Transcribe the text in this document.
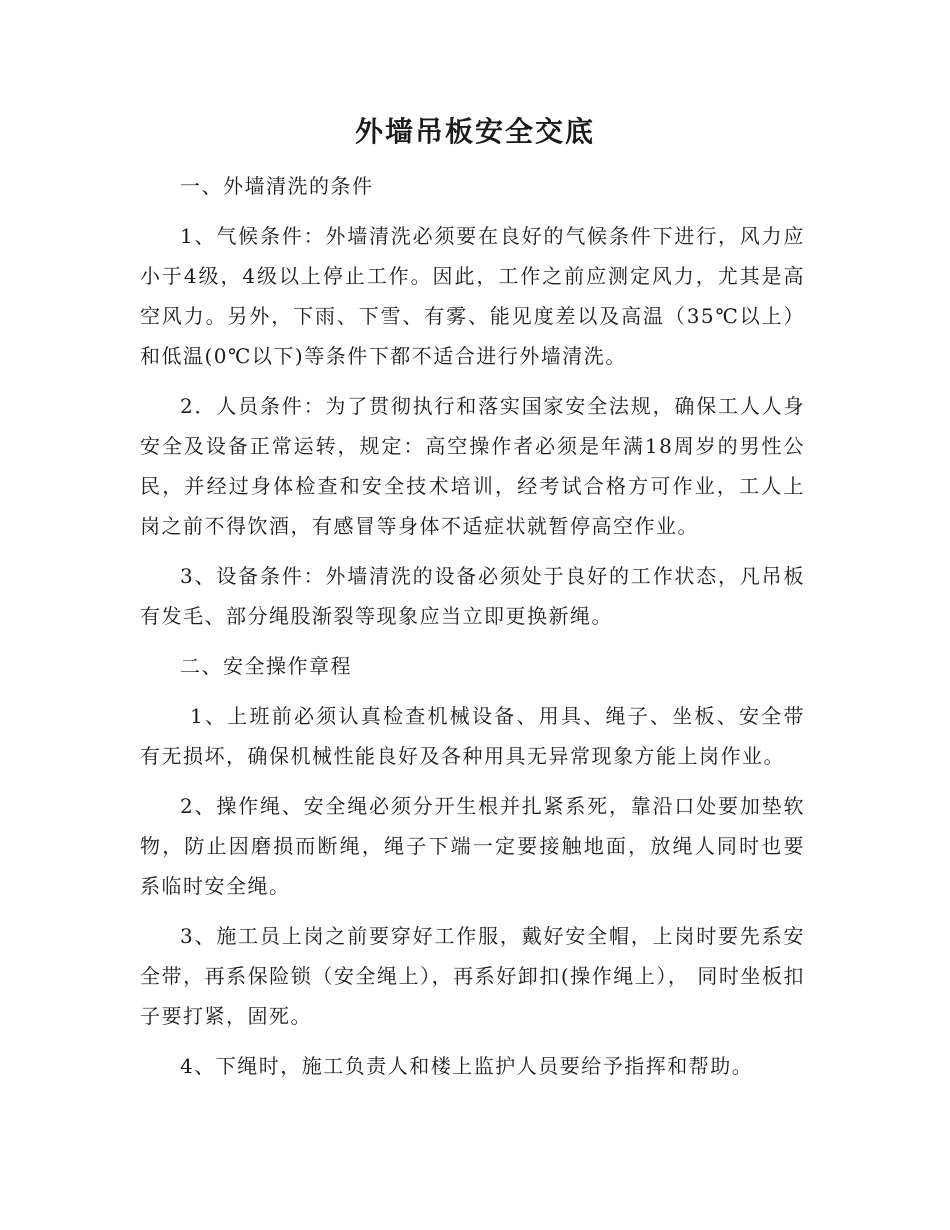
外墙吊板安全交底

一、外墙清洗的条件

1、气候条件：外墙清洗必须要在良好的气候条件下进行，风力应小于4级，4级以上停止工作。因此，工作之前应测定风力，尤其是高空风力。另外，下雨、下雪、有雾、能见度差以及高温（35℃以上）和低温(0℃以下)等条件下都不适合进行外墙清洗。

2．人员条件：为了贯彻执行和落实国家安全法规，确保工人人身安全及设备正常运转，规定：高空操作者必须是年满18周岁的男性公民，并经过身体检查和安全技术培训，经考试合格方可作业，工人上岗之前不得饮酒，有感冒等身体不适症状就暂停高空作业。

3、设备条件：外墙清洗的设备必须处于良好的工作状态，凡吊板有发毛、部分绳股渐裂等现象应当立即更换新绳。

二、安全操作章程

1、上班前必须认真检查机械设备、用具、绳子、坐板、安全带有无损坏，确保机械性能良好及各种用具无异常现象方能上岗作业。

2、操作绳、安全绳必须分开生根并扎紧系死，靠沿口处要加垫软物，防止因磨损而断绳，绳子下端一定要接触地面，放绳人同时也要系临时安全绳。

3、施工员上岗之前要穿好工作服，戴好安全帽，上岗时要先系安全带，再系保险锁（安全绳上），再系好卸扣(操作绳上）， 同时坐板扣子要打紧，固死。

4、下绳时，施工负责人和楼上监护人员要给予指挥和帮助。
